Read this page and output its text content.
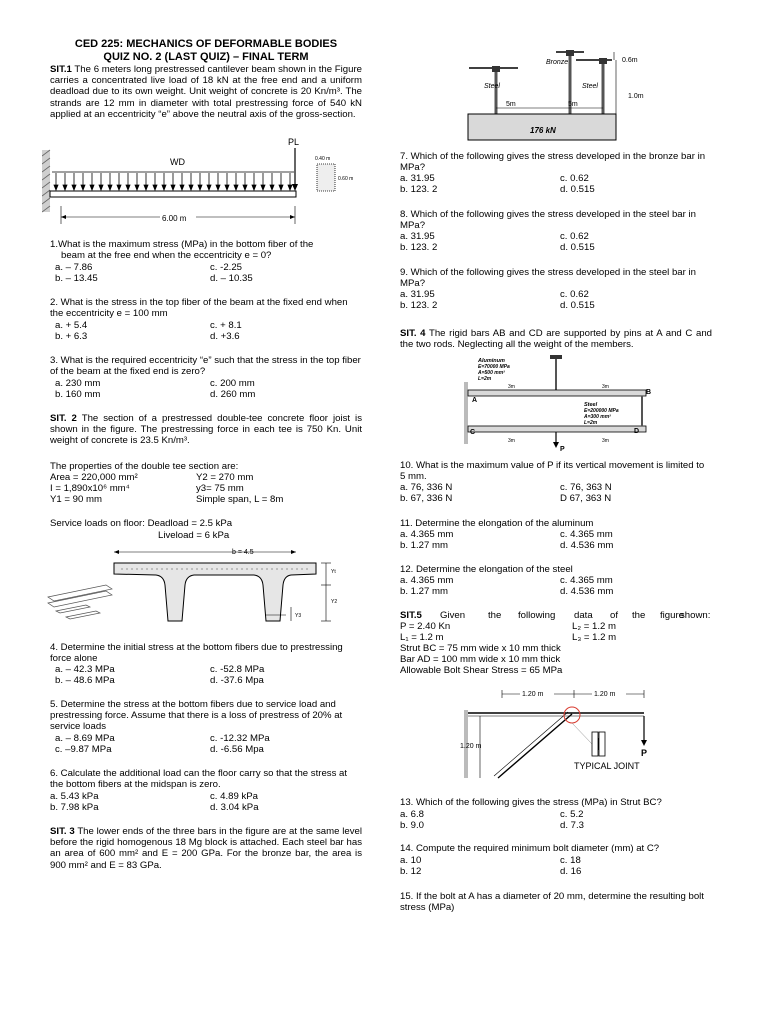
CED 225: MECHANICS OF DEFORMABLE BODIES
QUIZ NO. 2 (LAST QUIZ) – FINAL TERM
SIT.1 The 6 meters long prestressed cantilever beam shown in the Figure carries a concentrated live load of 18 kN at the free end and a uniform deadload due to its own weight. Unit weight of concrete is 20 Kn/m³. The strands are 12 mm in diameter with total prestressing force of 540 kN applied at an eccentricity “e” above the neutral axis of the gross-section.
WD
PL
0.40 m
0.60 m
6.00 m
1.What is the maximum stress (MPa) in the bottom fiber of the
beam at the free end when the eccentricity e = 0?
a. – 7.86	c. -2.25
b. – 13.45	d. – 10.35
2. What is the stress in the top fiber of the beam at the fixed end when the eccentricity e = 100 mm
a. + 5.4	c. + 8.1
b. + 6.3	d. +3.6
3. What is the required eccentricity “e” such that the stress in the top fiber of the beam at the fixed end is zero?
a. 230 mm	c. 200 mm
b. 160 mm	d. 260 mm
SIT. 2 The section of a prestressed double-tee concrete floor joist is shown in the figure. The prestressing force in each tee is 750 Kn. Unit weight of concrete is 23.5 Kn/m³.
The properties of the double tee section are:
Area = 220,000 mm²	Y2 = 270 mm
I = 1,890x10⁶ mm⁴	y3= 75 mm
Y1 = 90 mm	Simple span, L = 8m
Service loads on floor: Deadload = 2.5 kPa
Liveload = 6 kPa
b = 4.5
Yt
Y2
Y3
4. Determine the initial stress at the bottom fibers due to prestressing force alone
a. – 42.3 MPa	c. -52.8 MPa
b. – 48.6 MPa	d. -37.6 Mpa
5. Determine the stress at the bottom fibers due to service load and prestressing force. Assume that there is a loss of prestress of 20% at service loads
a. – 8.69 MPa	c. -12.32 MPa
c. –9.87 MPa	d. -6.56 Mpa
6. Calculate the additional load can the floor carry so that the stress at the bottom fibers at the midspan is zero.
a. 5.43 kPa	c. 4.89 kPa
b. 7.98 kPa	d. 3.04 kPa
SIT. 3 The lower ends of the three bars in the figure are at the same level before the rigid homogenous 18 Mg block is attached. Each steel bar has an area of 600 mm² and E = 200 GPa. For the bronze bar, the area is 900 mm² and E = 83 GPa.
Bronze
Steel	Steel
5m	5m
176 kN
0.6m
1.0m
7. Which of the following gives the stress developed in the bronze bar in MPa?
a. 31.95	c. 0.62
b. 123. 2	d. 0.515
8. Which of the following gives the stress developed in the steel bar in MPa?
a. 31.95	c. 0.62
b. 123. 2	d. 0.515
9. Which of the following gives the stress developed in the steel bar in MPa?
a. 31.95	c. 0.62
b. 123. 2	d. 0.515
SIT. 4 The rigid bars AB and CD are supported by pins at A and C and the two rods. Neglecting all the weight of the members.
Aluminum
E=70000 MPa
A=500 mm²
L=2m
A
B
C	D
P
Steel
E=200000 MPa
A=300 mm²
L=2m
3m	3m
3m	3m
10. What is the maximum value of P if its vertical movement is limited to 5 mm.
a. 76, 336 N	c. 76, 363 N
b. 67, 336 N	D 67, 363 N
11. Determine the elongation of the aluminum
a. 4.365 mm	c. 4.365 mm
b. 1.27 mm	d. 4.536 mm
12. Determine the elongation of the steel
a. 4.365 mm	c. 4.365 mm
b. 1.27 mm	d. 4.536 mm
SIT.5 Given the following data of the figure
shown:
P = 2.40 Kn	L₂ = 1.2 m
L₁ = 1.2 m	L₃ = 1.2 m
Strut BC = 75 mm wide x 10 mm thick
Bar AD = 100 mm wide x 10 mm thick
Allowable Bolt Shear Stress = 65 MPa
1.20 m	1.20 m
P
1.20 m
TYPICAL JOINT
13. Which of the following gives the stress (MPa) in Strut BC?
a. 6.8	c. 5.2
b. 9.0	d. 7.3
14. Compute the required minimum bolt diameter (mm) at C?
a. 10	c. 18
b. 12	d. 16
15. If the bolt at A has a diameter of 20 mm, determine the resulting bolt stress (MPa)
